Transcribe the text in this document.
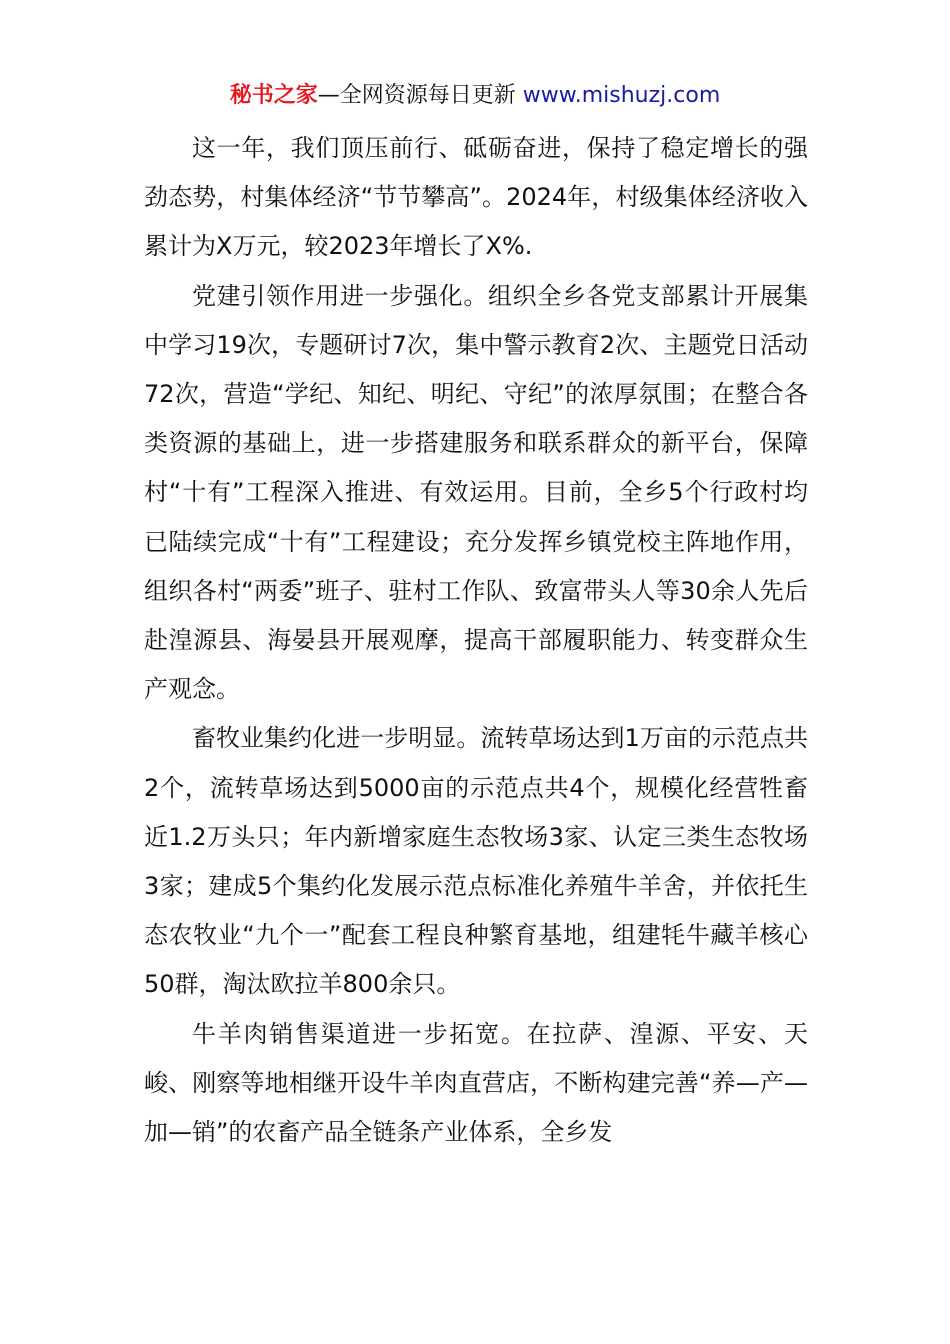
秘书之家—全网资源每日更新 www.mishuzj.com

这一年，我们顶压前行、砥砺奋进，保持了稳定增长的强劲态势，村集体经济“节节攀高”。2024年，村级集体经济收入累计为X万元，较2023年增长了X%.

党建引领作用进一步强化。组织全乡各党支部累计开展集中学习19次，专题研讨7次，集中警示教育2次、主题党日活动72次，营造“学纪、知纪、明纪、守纪”的浓厚氛围；在整合各类资源的基础上，进一步搭建服务和联系群众的新平台，保障村“十有”工程深入推进、有效运用。目前，全乡5个行政村均已陆续完成“十有”工程建设；充分发挥乡镇党校主阵地作用，组织各村“两委”班子、驻村工作队、致富带头人等30余人先后赴湟源县、海晏县开展观摩，提高干部履职能力、转变群众生产观念。

畜牧业集约化进一步明显。流转草场达到1万亩的示范点共2个，流转草场达到5000亩的示范点共4个，规模化经营牲畜近1.2万头只；年内新增家庭生态牧场3家、认定三类生态牧场3家；建成5个集约化发展示范点标准化养殖牛羊舍，并依托生态农牧业“九个一”配套工程良种繁育基地，组建牦牛藏羊核心50群，淘汰欧拉羊800余只。

牛羊肉销售渠道进一步拓宽。在拉萨、湟源、平安、天峻、刚察等地相继开设牛羊肉直营店，不断构建完善“养—产—加—销”的农畜产品全链条产业体系，全乡发
